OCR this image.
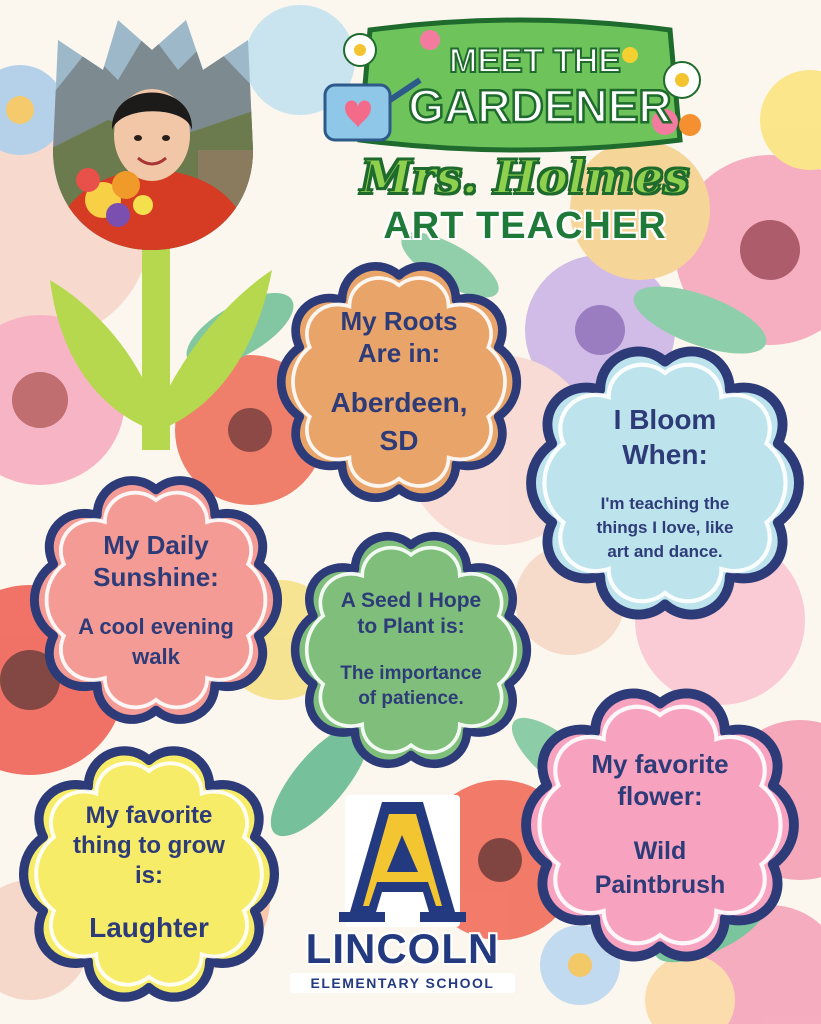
MEET THE
GARDENER
Mrs. Holmes
ART TEACHER
My Roots
Are in:
Aberdeen,
SD
I Bloom
When:
I'm teaching the
things I love, like
art and dance.
My Daily
Sunshine:
A cool evening
walk
A Seed I Hope
to Plant is:
The importance
of patience.
My favorite
flower:
Wild
Paintbrush
My favorite
thing to grow
is:
Laughter	LINCOLN
ELEMENTARY SCHOOL
